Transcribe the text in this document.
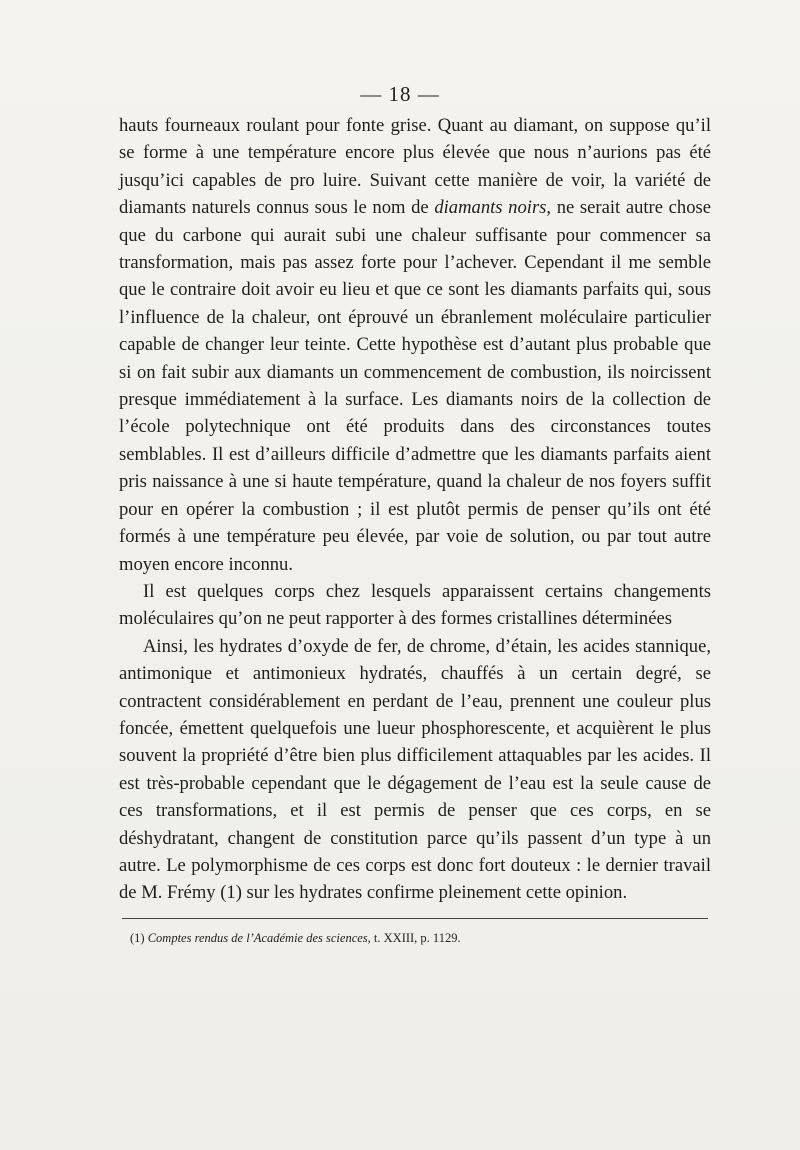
— 18 —

hauts fourneaux roulant pour fonte grise. Quant au diamant, on suppose qu’il se forme à une température encore plus élevée que nous n’aurions pas été jusqu’ici capables de pro luire. Suivant cette manière de voir, la variété de diamants naturels connus sous le nom de diamants noirs, ne serait autre chose que du carbone qui aurait subi une chaleur suffisante pour commencer sa transformation, mais pas assez forte pour l’achever. Cependant il me semble que le contraire doit avoir eu lieu et que ce sont les diamants parfaits qui, sous l’influence de la chaleur, ont éprouvé un ébranlement moléculaire particulier capable de changer leur teinte. Cette hypothèse est d’autant plus probable que si on fait subir aux diamants un commencement de combustion, ils noircissent presque immédiatement à la surface. Les diamants noirs de la collection de l’école polytechnique ont été produits dans des circonstances toutes semblables. Il est d’ailleurs difficile d’admettre que les diamants parfaits aient pris naissance à une si haute température, quand la chaleur de nos foyers suffit pour en opérer la combustion ; il est plutôt permis de penser qu’ils ont été formés à une température peu élevée, par voie de solution, ou par tout autre moyen encore inconnu.

Il est quelques corps chez lesquels apparaissent certains changements moléculaires qu’on ne peut rapporter à des formes cristallines déterminées

Ainsi, les hydrates d’oxyde de fer, de chrome, d’étain, les acides stannique, antimonique et antimonieux hydratés, chauffés à un certain degré, se contractent considérablement en perdant de l’eau, prennent une couleur plus foncée, émettent quelquefois une lueur phosphorescente, et acquièrent le plus souvent la propriété d’être bien plus difficilement attaquables par les acides. Il est très-probable cependant que le dégagement de l’eau est la seule cause de ces transformations, et il est permis de penser que ces corps, en se déshydratant, changent de constitution parce qu’ils passent d’un type à un autre. Le polymorphisme de ces corps est donc fort douteux : le dernier travail de M. Frémy (1) sur les hydrates confirme pleinement cette opinion.

(1) Comptes rendus de l’Académie des sciences, t. XXIII, p. 1129.
